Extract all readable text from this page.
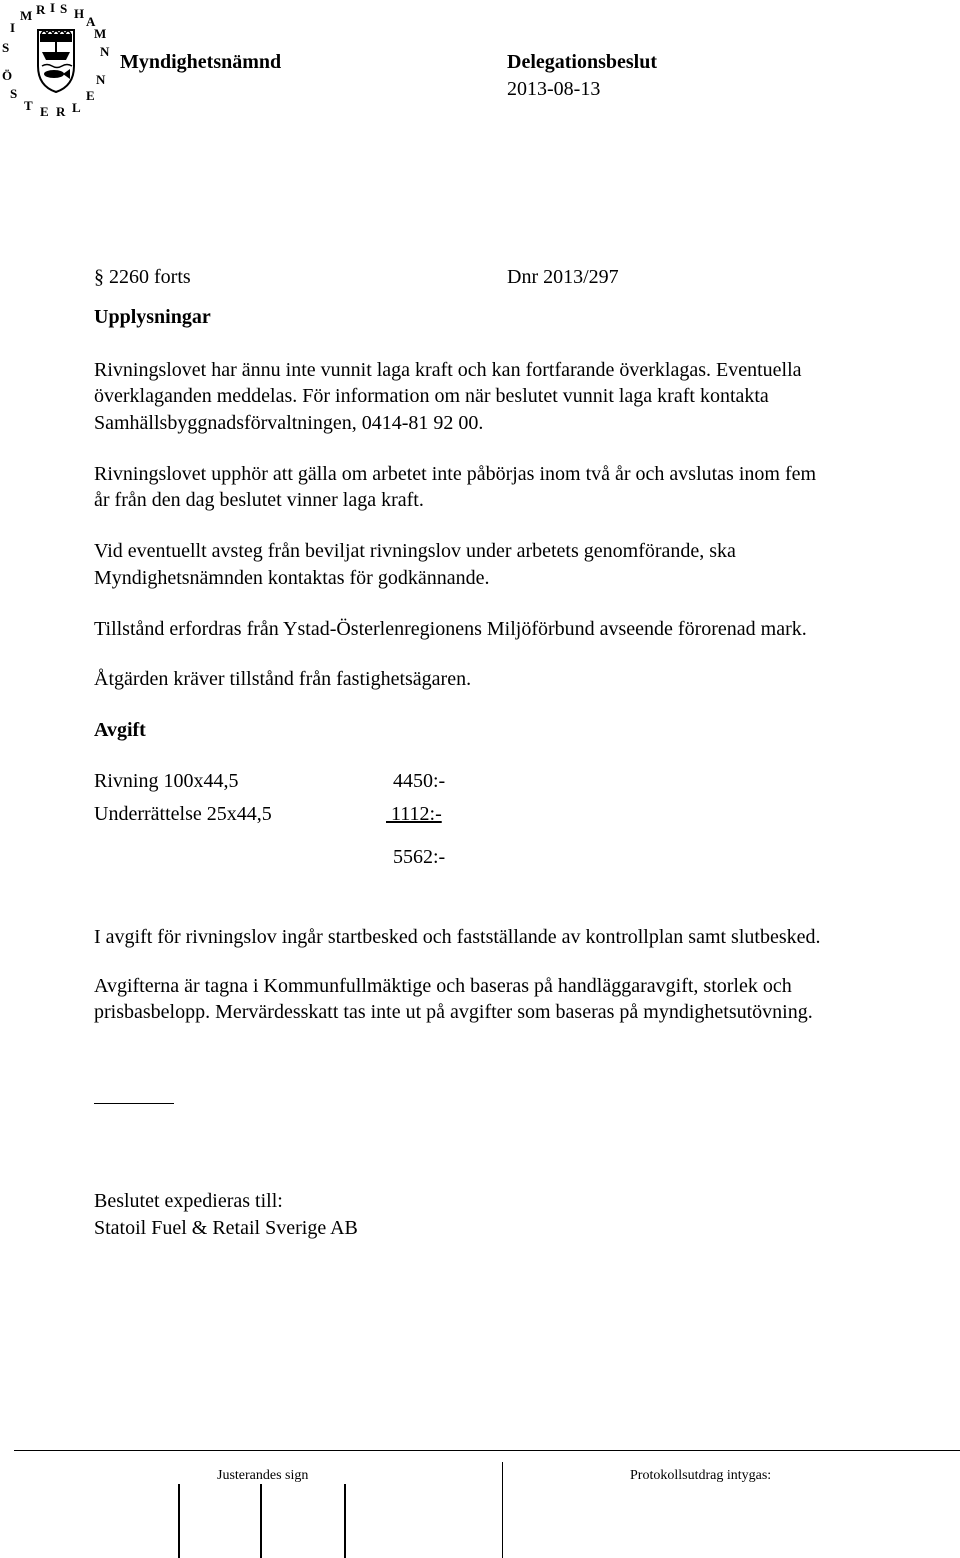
S
I
M R I S H
A
M
N
Ö
S
T E R L
E
N
Myndighetsnämnd	Delegationsbeslut
2013-08-13
§ 2260 forts	Dnr 2013/297
Upplysningar
Rivningslovet har ännu inte vunnit laga kraft och kan fortfarande överklagas. Eventuella
överklaganden meddelas. För information om när beslutet vunnit laga kraft kontakta
Samhällsbyggnadsförvaltningen, 0414-81 92 00.
Rivningslovet upphör att gälla om arbetet inte påbörjas inom två år och avslutas inom fem
år från den dag beslutet vinner laga kraft.
Vid eventuellt avsteg från beviljat rivningslov under arbetets genomförande, ska
Myndighetsnämnden kontaktas för godkännande.
Tillstånd erfordras från Ystad-Österlenregionens Miljöförbund avseende förorenad mark.
Åtgärden kräver tillstånd från fastighetsägaren.
Avgift
Rivning 100x44,5	4450:-
Underrättelse 25x44,5	1112:-
5562:-
I avgift för rivningslov ingår startbesked och fastställande av kontrollplan samt slutbesked.
Avgifterna är tagna i Kommunfullmäktige och baseras på handläggaravgift, storlek och
prisbasbelopp. Mervärdesskatt tas inte ut på avgifter som baseras på myndighetsutövning.
Beslutet expedieras till:
Statoil Fuel & Retail Sverige AB
Justerandes sign	Protokollsutdrag intygas:
